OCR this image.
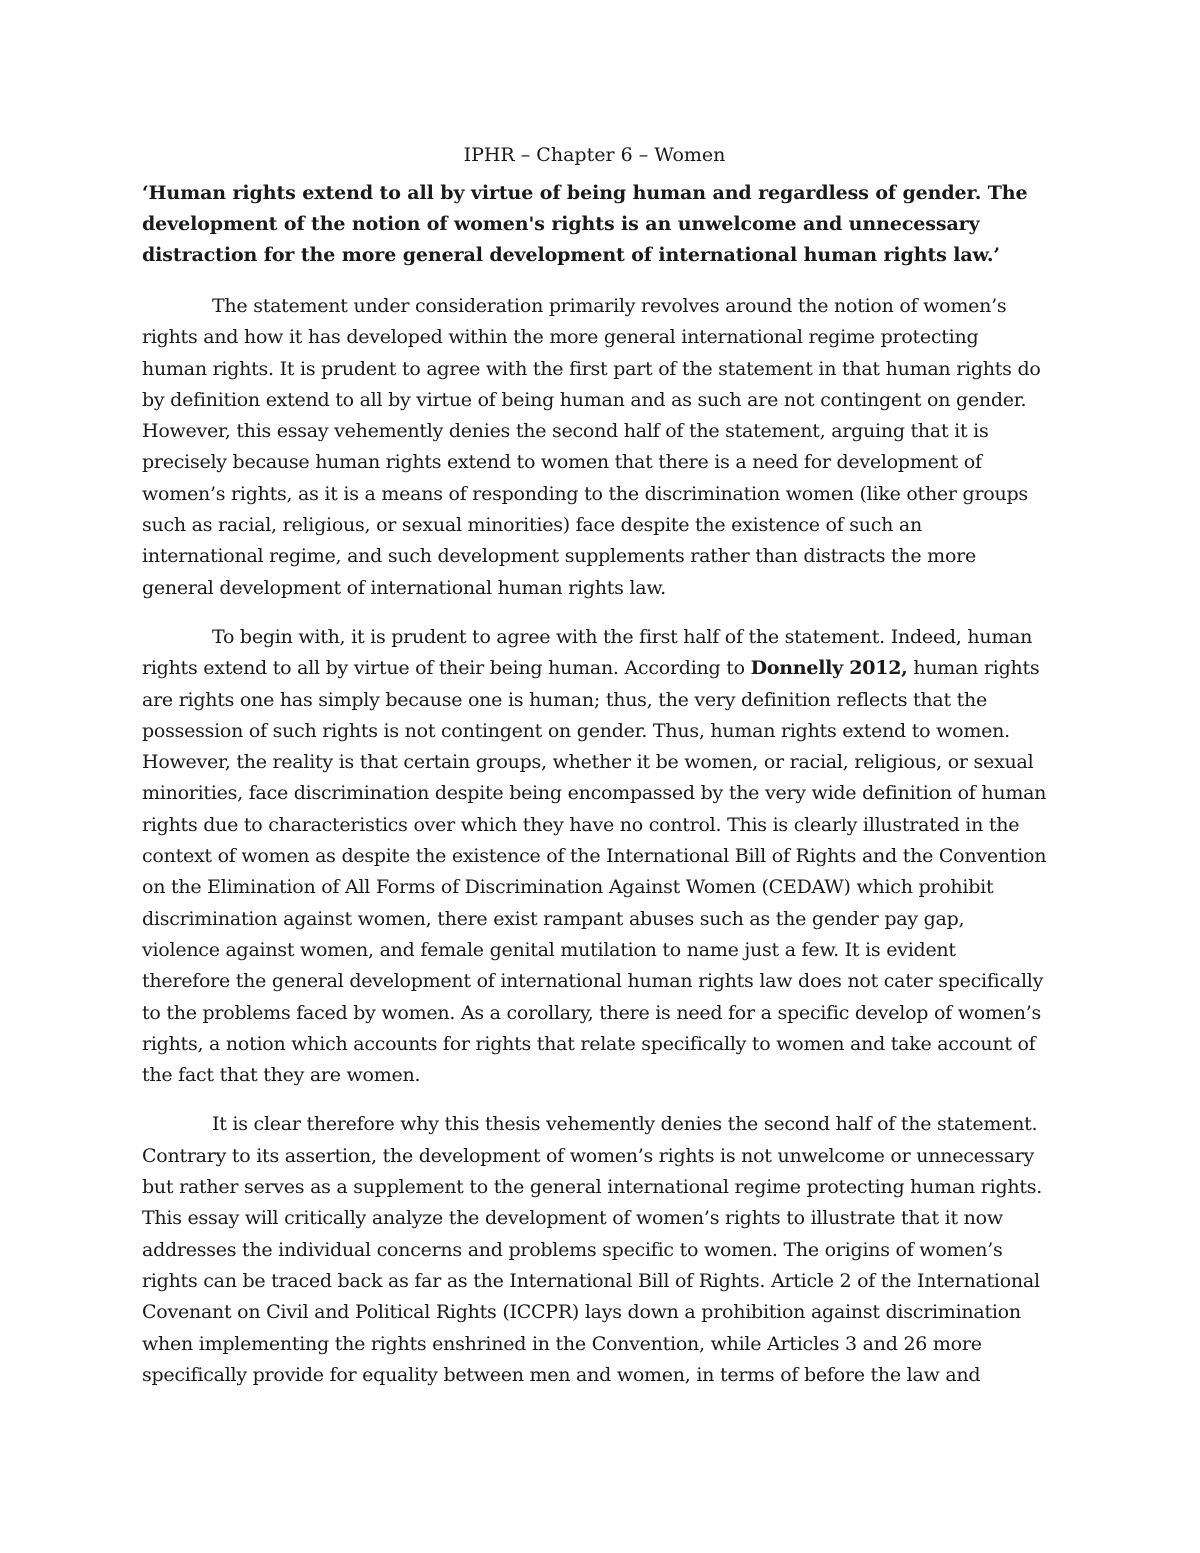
IPHR – Chapter 6 – Women
‘Human rights extend to all by virtue of being human and regardless of gender. The development of the notion of women's rights is an unwelcome and unnecessary distraction for the more general development of international human rights law.’

The statement under consideration primarily revolves around the notion of women’s rights and how it has developed within the more general international regime protecting human rights. It is prudent to agree with the first part of the statement in that human rights do by definition extend to all by virtue of being human and as such are not contingent on gender. However, this essay vehemently denies the second half of the statement, arguing that it is precisely because human rights extend to women that there is a need for development of women’s rights, as it is a means of responding to the discrimination women (like other groups such as racial, religious, or sexual minorities) face despite the existence of such an international regime, and such development supplements rather than distracts the more general development of international human rights law.

To begin with, it is prudent to agree with the first half of the statement. Indeed, human rights extend to all by virtue of their being human. According to Donnelly 2012, human rights are rights one has simply because one is human; thus, the very definition reflects that the possession of such rights is not contingent on gender. Thus, human rights extend to women. However, the reality is that certain groups, whether it be women, or racial, religious, or sexual minorities, face discrimination despite being encompassed by the very wide definition of human rights due to characteristics over which they have no control. This is clearly illustrated in the context of women as despite the existence of the International Bill of Rights and the Convention on the Elimination of All Forms of Discrimination Against Women (CEDAW) which prohibit discrimination against women, there exist rampant abuses such as the gender pay gap, violence against women, and female genital mutilation to name just a few. It is evident therefore the general development of international human rights law does not cater specifically to the problems faced by women. As a corollary, there is need for a specific develop of women’s rights, a notion which accounts for rights that relate specifically to women and take account of the fact that they are women.

It is clear therefore why this thesis vehemently denies the second half of the statement. Contrary to its assertion, the development of women’s rights is not unwelcome or unnecessary but rather serves as a supplement to the general international regime protecting human rights. This essay will critically analyze the development of women’s rights to illustrate that it now addresses the individual concerns and problems specific to women. The origins of women’s rights can be traced back as far as the International Bill of Rights. Article 2 of the International Covenant on Civil and Political Rights (ICCPR) lays down a prohibition against discrimination when implementing the rights enshrined in the Convention, while Articles 3 and 26 more specifically provide for equality between men and women, in terms of before the law and
